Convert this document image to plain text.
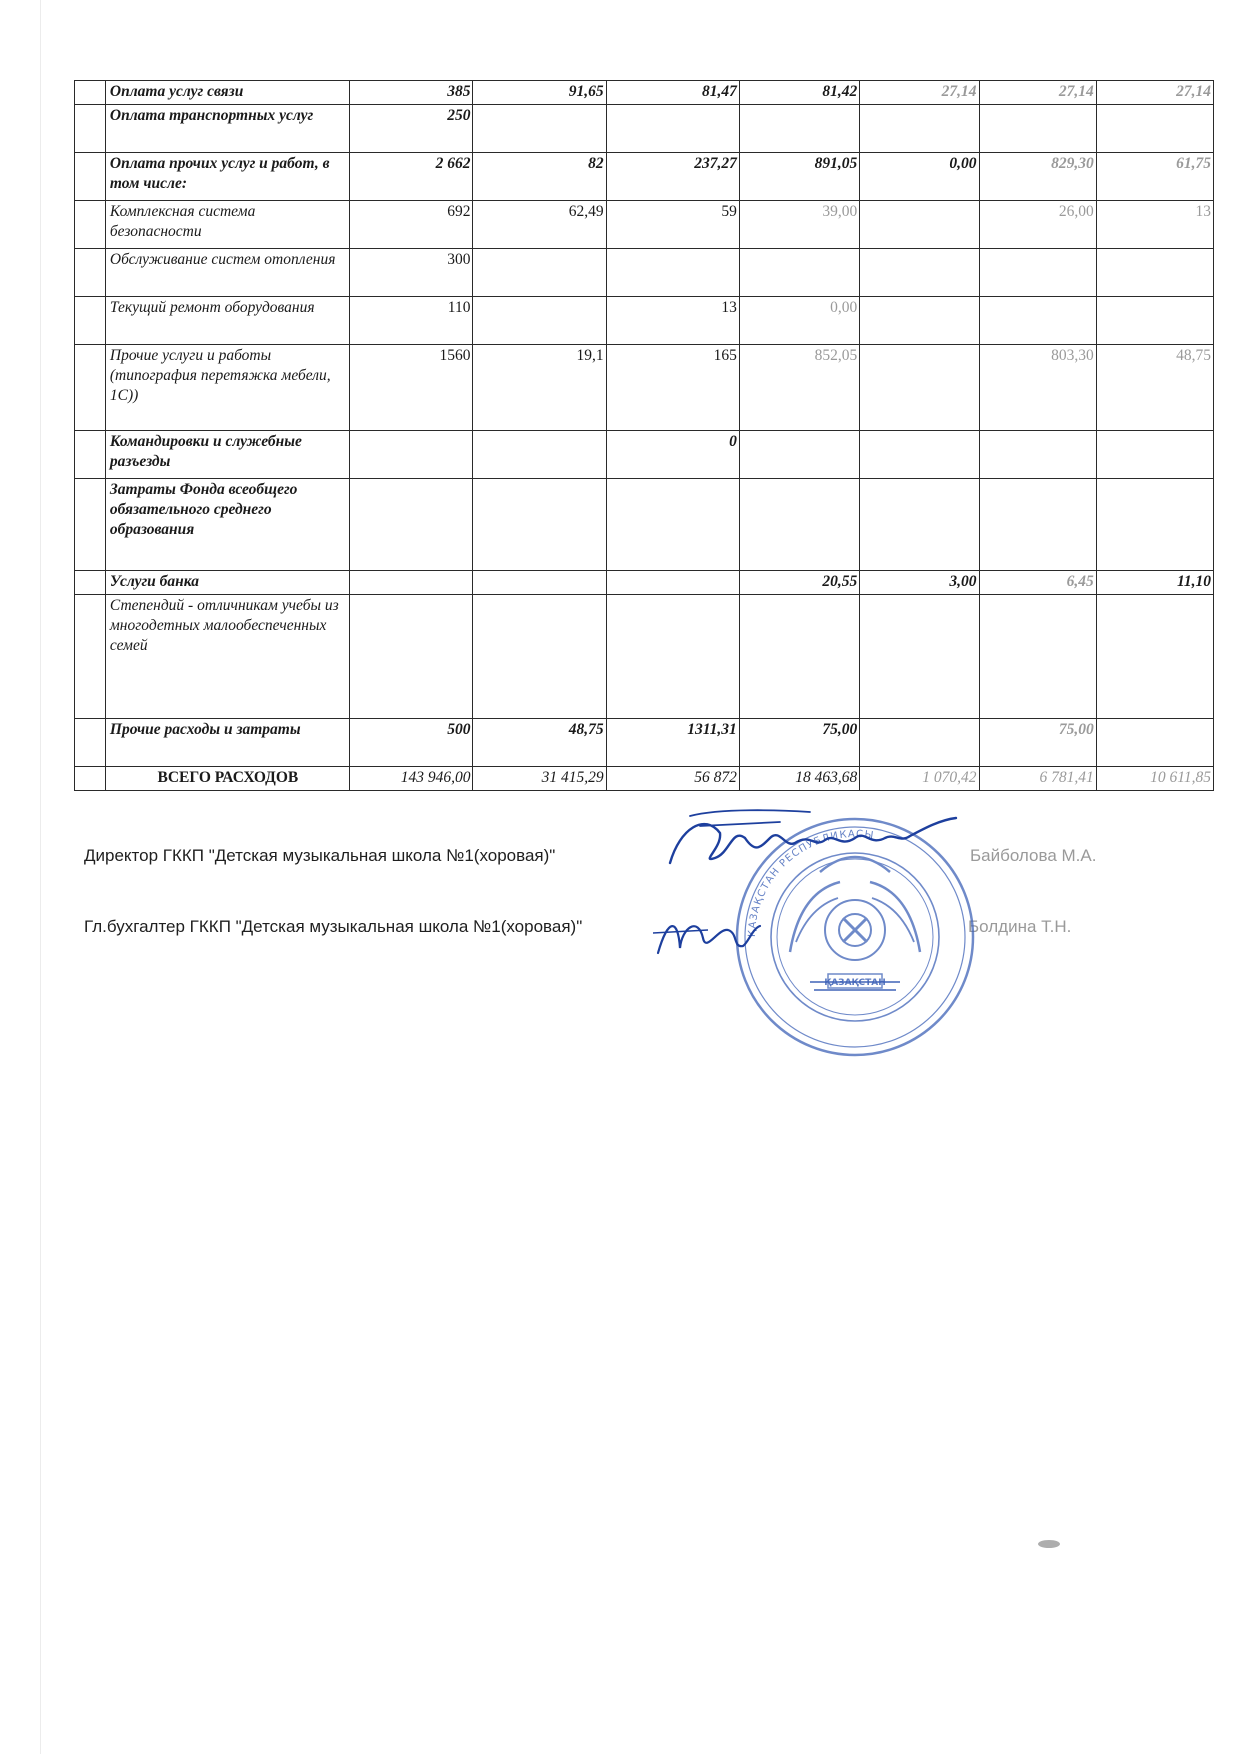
	Оплата услуг связи	385	91,65	81,47	81,42	27,14	27,14	27,14
	Оплата транспортных услуг	250						
	Оплата прочих услуг и работ, в том числе:	2 662	82	237,27	891,05	0,00	829,30	61,75
	Комплексная система безопасности	692	62,49	59	39,00		26,00	13
	Обслуживание систем отопления	300						
	Текущий ремонт оборудования	110		13	0,00			
	Прочие услуги и работы (типография перетяжка мебели, 1С))	1560	19,1	165	852,05		803,30	48,75
	Командировки и служебные разъезды			0				
	Затраты Фонда всеобщего обязательного среднего образования							
	Услуги банка				20,55	3,00	6,45	11,10
	Степендий - отличникам учебы из многодетных малообеспеченных семей							
	Прочие расходы и затраты	500	48,75	1311,31	75,00		75,00	
	ВСЕГО РАСХОДОВ	143 946,00	31 415,29	56 872	18 463,68	1 070,42	6 781,41	10 611,85
Директор ГККП "Детская музыкальная школа №1(хоровая)"	Байболова М.А.
Гл.бухгалтер ГККП "Детская музыкальная школа №1(хоровая)"	Болдина Т.Н.
ҚАЗАҚСТАН РЕСПУБЛИКАСЫ
ҚАЗАҚСТАН
